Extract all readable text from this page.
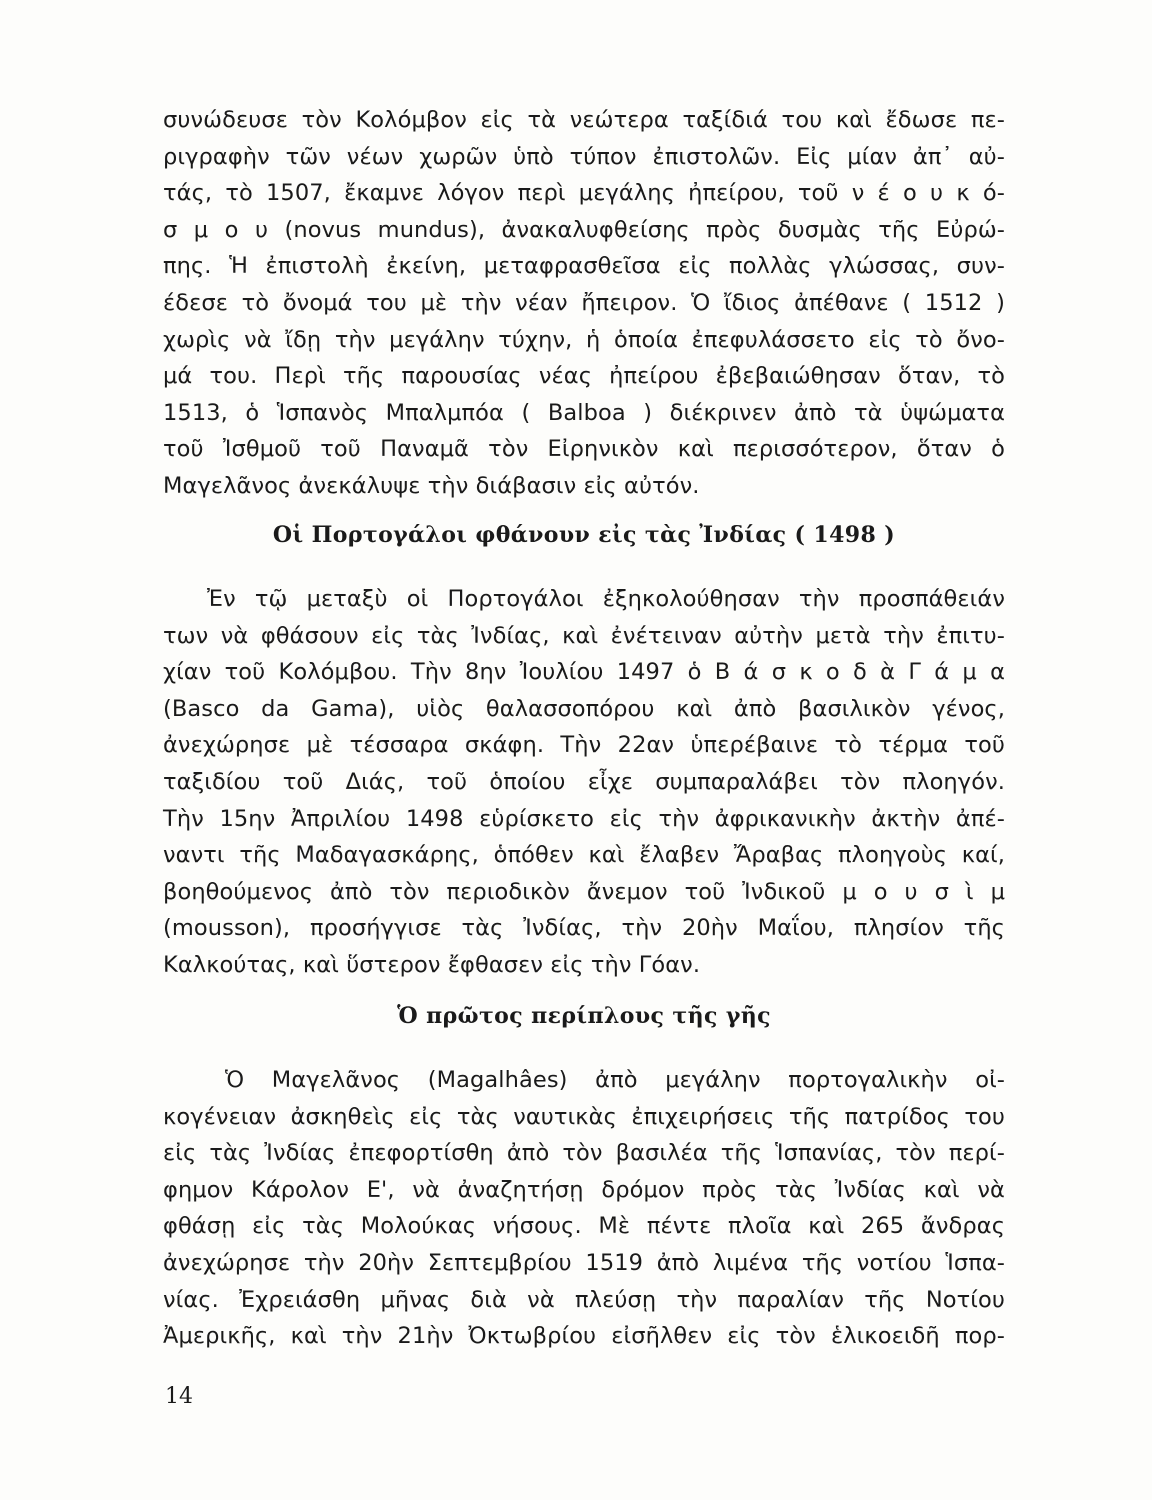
συνώδευσε τὸν Κολόμβον εἰς τὰ νεώτερα ταξίδιά του καὶ ἔδωσε πε-
ριγραφὴν τῶν νέων χωρῶν ὑπὸ τύπον ἐπιστολῶν. Εἰς μίαν ἀπ᾽ αὐ-
τάς, τὸ 1507, ἔκαμνε λόγον περὶ μεγάλης ἠπείρου, τοῦ ν έ ο υ κ ό-
σ μ ο υ (novus mundus), ἀνακαλυφθείσης πρὸς δυσμὰς τῆς Εὐρώ-
πης. Ἡ ἐπιστολὴ ἐκείνη, μεταφρασθεῖσα εἰς πολλὰς γλώσσας, συν-
έδεσε τὸ ὄνομά του μὲ τὴν νέαν ἤπειρον. Ὁ ἴδιος ἀπέθανε ( 1512 )
χωρὶς νὰ ἴδῃ τὴν μεγάλην τύχην, ἡ ὁποία ἐπεφυλάσσετο εἰς τὸ ὄνο-
μά του. Περὶ τῆς παρουσίας νέας ἠπείρου ἐβεβαιώθησαν ὅταν, τὸ
1513, ὁ Ἱσπανὸς Μπαλμπόα ( Balboa ) διέκρινεν ἀπὸ τὰ ὑψώματα
τοῦ Ἰσθμοῦ τοῦ Παναμᾶ τὸν Εἰρηνικὸν καὶ περισσότερον, ὅταν ὁ
Μαγελᾶνος ἀνεκάλυψε τὴν διάβασιν εἰς αὐτόν.
Οἱ Πορτογάλοι φθάνουν εἰς τὰς Ἰνδίας ( 1498 )
Ἐν τῷ μεταξὺ οἱ Πορτογάλοι ἐξηκολούθησαν τὴν προσπάθειάν
των νὰ φθάσουν εἰς τὰς Ἰνδίας, καὶ ἐνέτειναν αὐτὴν μετὰ τὴν ἐπιτυ-
χίαν τοῦ Κολόμβου. Τὴν 8ην Ἰουλίου 1497 ὁ Β ά σ κ ο δ ὰ Γ ά μ α
(Basco da Gama), υἱὸς θαλασσοπόρου καὶ ἀπὸ βασιλικὸν γένος,
ἀνεχώρησε μὲ τέσσαρα σκάφη. Τὴν 22αν ὑπερέβαινε τὸ τέρμα τοῦ
ταξιδίου τοῦ Διάς, τοῦ ὁποίου εἶχε συμπαραλάβει τὸν πλοηγόν.
Τὴν 15ην Ἀπριλίου 1498 εὑρίσκετο εἰς τὴν ἀφρικανικὴν ἀκτὴν ἀπέ-
ναντι τῆς Μαδαγασκάρης, ὁπόθεν καὶ ἔλαβεν Ἄραβας πλοηγοὺς καί,
βοηθούμενος ἀπὸ τὸν περιοδικὸν ἄνεμον τοῦ Ἰνδικοῦ μ ο υ σ ὶ μ
(mousson), προσήγγισε τὰς Ἰνδίας, τὴν 20ὴν Μαΐου, πλησίον τῆς
Καλκούτας, καὶ ὕστερον ἔφθασεν εἰς τὴν Γόαν.
Ὁ πρῶτος περίπλους τῆς γῆς
Ὁ Μαγελᾶνος (Magalhâes) ἀπὸ μεγάλην πορτογαλικὴν οἰ-
κογένειαν ἀσκηθεὶς εἰς τὰς ναυτικὰς ἐπιχειρήσεις τῆς πατρίδος του
εἰς τὰς Ἰνδίας ἐπεφορτίσθη ἀπὸ τὸν βασιλέα τῆς Ἱσπανίας, τὸν περί-
φημον Κάρολον Ε', νὰ ἀναζητήσῃ δρόμον πρὸς τὰς Ἰνδίας καὶ νὰ
φθάσῃ εἰς τὰς Μολούκας νήσους. Μὲ πέντε πλοῖα καὶ 265 ἄνδρας
ἀνεχώρησε τὴν 20ὴν Σεπτεμβρίου 1519 ἀπὸ λιμένα τῆς νοτίου Ἱσπα-
νίας. Ἐχρειάσθη μῆνας διὰ νὰ πλεύσῃ τὴν παραλίαν τῆς Νοτίου
Ἀμερικῆς, καὶ τὴν 21ὴν Ὀκτωβρίου εἰσῆλθεν εἰς τὸν ἑλικοειδῆ πορ-
14
